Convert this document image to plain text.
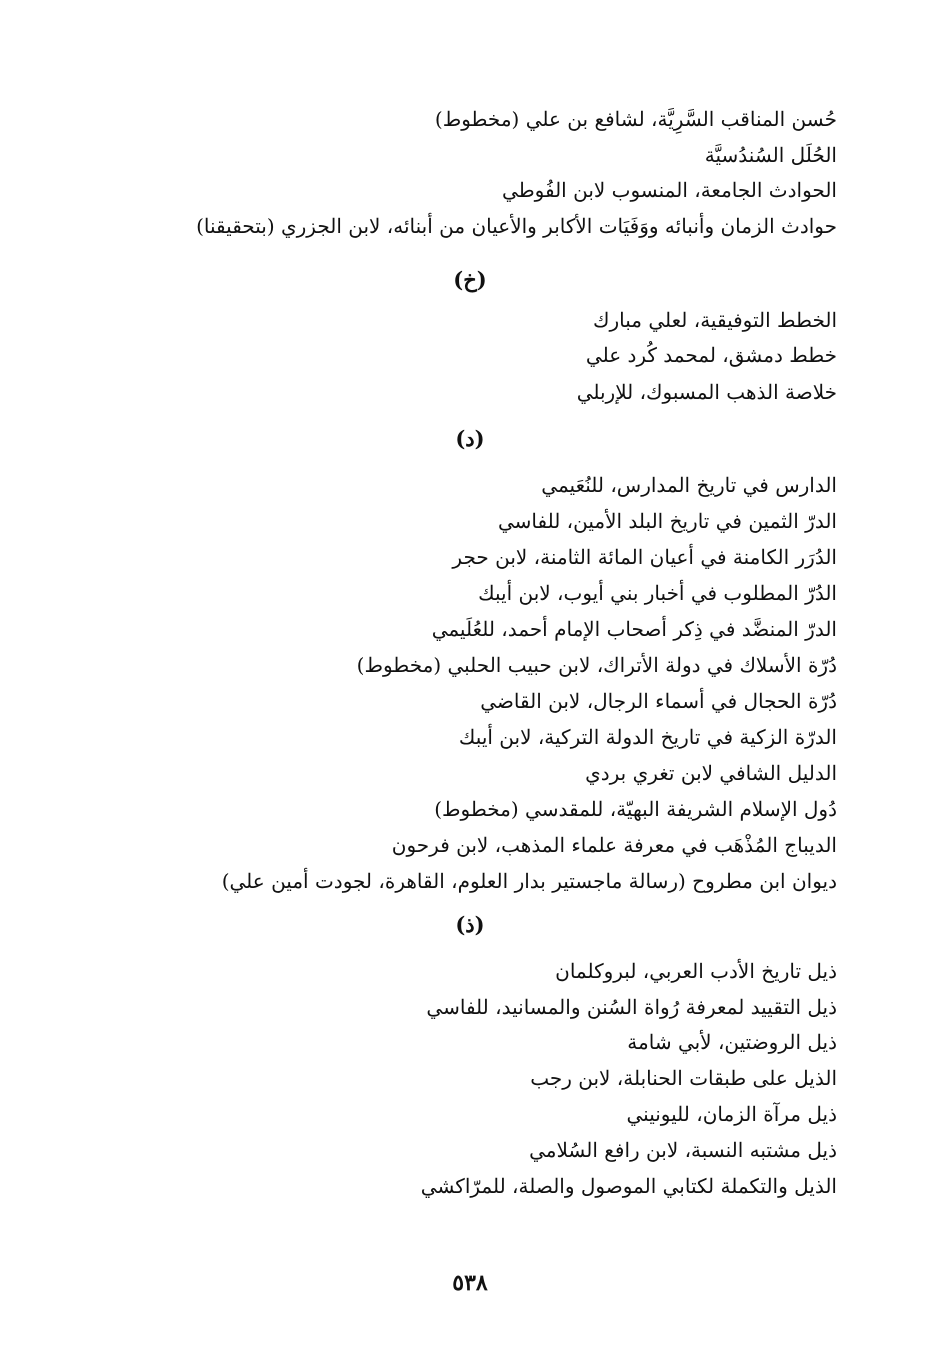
حُسن المناقب السَّرِيَّة، لشافع بن علي (مخطوط)
الحُلَل السُندُسيَّة
الحوادث الجامعة، المنسوب لابن الفُوطي
حوادث الزمان وأنبائه ووَفَيَات الأكابر والأعيان من أبنائه، لابن الجزري (بتحقيقنا)
(خ)
الخطط التوفيقية، لعلي مبارك
خطط دمشق، لمحمد كُرد علي
خلاصة الذهب المسبوك، للإربلي
(د)
الدارس في تاريخ المدارس، للنُعَيمي
الدرّ الثمين في تاريخ البلد الأمين، للفاسي
الدُرَر الكامنة في أعيان المائة الثامنة، لابن حجر
الدُرّ المطلوب في أخبار بني أيوب، لابن أيبك
الدرّ المنضَّد في ذِكر أصحاب الإمام أحمد، للعُلَيمي
دُرّة الأسلاك في دولة الأتراك، لابن حبيب الحلبي (مخطوط)
دُرّة الحجال في أسماء الرجال، لابن القاضي
الدرّة الزكية في تاريخ الدولة التركية، لابن أيبك
الدليل الشافي لابن تغري بردي
دُول الإسلام الشريفة البهيّة، للمقدسي (مخطوط)
الديباج المُذْهَب في معرفة علماء المذهب، لابن فرحون
ديوان ابن مطروح (رسالة ماجستير بدار العلوم، القاهرة، لجودت أمين علي)
(ذ)
ذيل تاريخ الأدب العربي، لبروكلمان
ذيل التقييد لمعرفة رُواة السُنن والمسانيد، للفاسي
ذيل الروضتين، لأبي شامة
الذيل على طبقات الحنابلة، لابن رجب
ذيل مرآة الزمان، لليونيني
ذيل مشتبه النسبة، لابن رافع السُلامي
الذيل والتكملة لكتابي الموصول والصلة، للمرّاكشي
٥٣٨
